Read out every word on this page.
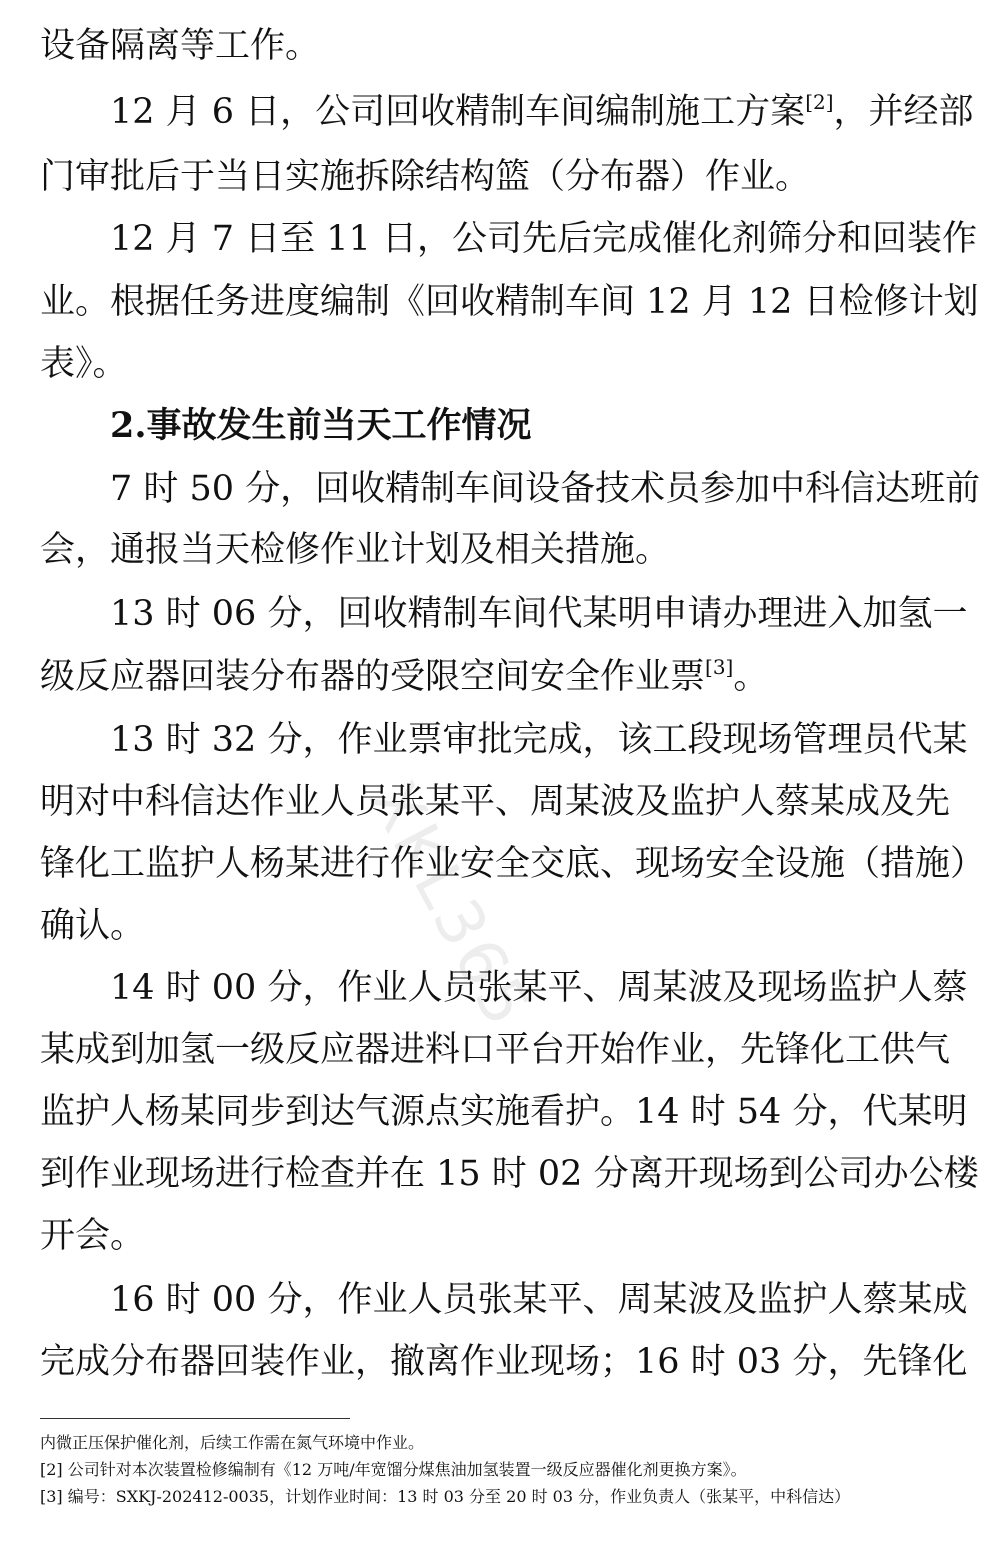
XKL365
设备隔离等工作。
12 月 6 日，公司回收精制车间编制施工方案[2]，并经部
门审批后于当日实施拆除结构篮（分布器）作业。
12 月 7 日至 11 日，公司先后完成催化剂筛分和回装作
业。根据任务进度编制《回收精制车间 12 月 12 日检修计划
表》。
2.事故发生前当天工作情况
7 时 50 分，回收精制车间设备技术员参加中科信达班前
会，通报当天检修作业计划及相关措施。
13 时 06 分，回收精制车间代某明申请办理进入加氢一
级反应器回装分布器的受限空间安全作业票[3]。
13 时 32 分，作业票审批完成，该工段现场管理员代某
明对中科信达作业人员张某平、周某波及监护人蔡某成及先
锋化工监护人杨某进行作业安全交底、现场安全设施（措施）
确认。
14 时 00 分，作业人员张某平、周某波及现场监护人蔡
某成到加氢一级反应器进料口平台开始作业，先锋化工供气
监护人杨某同步到达气源点实施看护。14 时 54 分，代某明
到作业现场进行检查并在 15 时 02 分离开现场到公司办公楼
开会。
16 时 00 分，作业人员张某平、周某波及监护人蔡某成
完成分布器回装作业，撤离作业现场；16 时 03 分，先锋化
内微正压保护催化剂，后续工作需在氮气环境中作业。
[2] 公司针对本次装置检修编制有《12 万吨/年宽馏分煤焦油加氢装置一级反应器催化剂更换方案》。
[3] 编号：SXKJ-202412-0035，计划作业时间：13 时 03 分至 20 时 03 分，作业负责人（张某平，中科信达）
